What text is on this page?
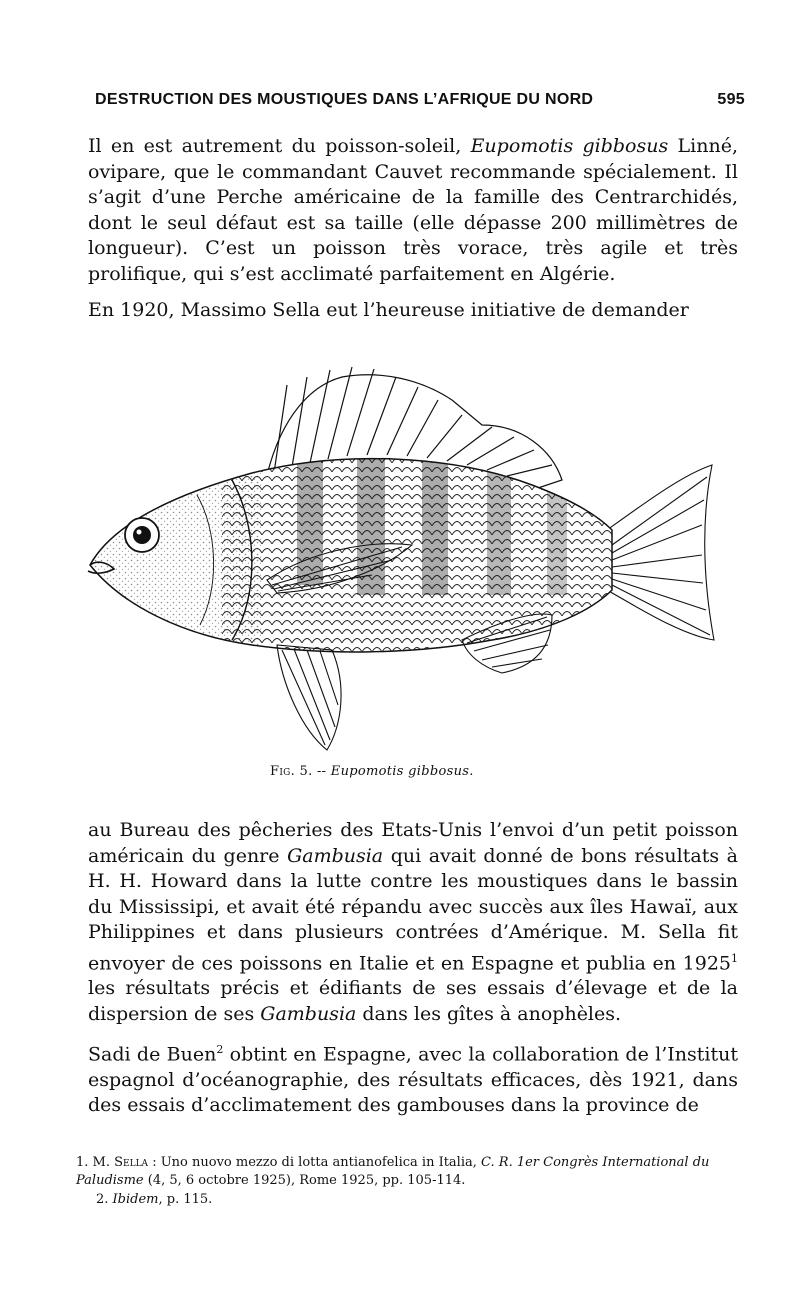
DESTRUCTION DES MOUSTIQUES DANS L’AFRIQUE DU NORD	595

Il en est autrement du poisson-soleil, Eupomotis gibbosus Linné, ovipare, que le commandant Cauvet recommande spécialement. Il s’agit d’une Perche américaine de la famille des Centrarchidés, dont le seul défaut est sa taille (elle dépasse 200 millimètres de longueur). C’est un poisson très vorace, très agile et très prolifique, qui s’est acclimaté parfaitement en Algérie.

En 1920, Massimo Sella eut l’heureuse initiative de demander

Fig. 5. -- Eupomotis gibbosus.

au Bureau des pêcheries des Etats-Unis l’envoi d’un petit poisson américain du genre Gambusia qui avait donné de bons résultats à H. H. Howard dans la lutte contre les moustiques dans le bassin du Mississipi, et avait été répandu avec succès aux îles Hawaï, aux Philippines et dans plusieurs contrées d’Amérique. M. Sella fit envoyer de ces poissons en Italie et en Espagne et publia en 1925$^1$ les résultats précis et édifiants de ses essais d’élevage et de la dispersion de ses Gambusia dans les gîtes à anophèles.

Sadi de Buen$^2$ obtint en Espagne, avec la collaboration de l’Institut espagnol d’océanographie, des résultats efficaces, dès 1921, dans des essais d’acclimatement des gambouses dans la province de

1. M. Sella : Uno nuovo mezzo di lotta antianofelica in Italia, C. R. 1er Congrès International du Paludisme (4, 5, 6 octobre 1925), Rome 1925, pp. 105-114.

2. Ibidem, p. 115.
